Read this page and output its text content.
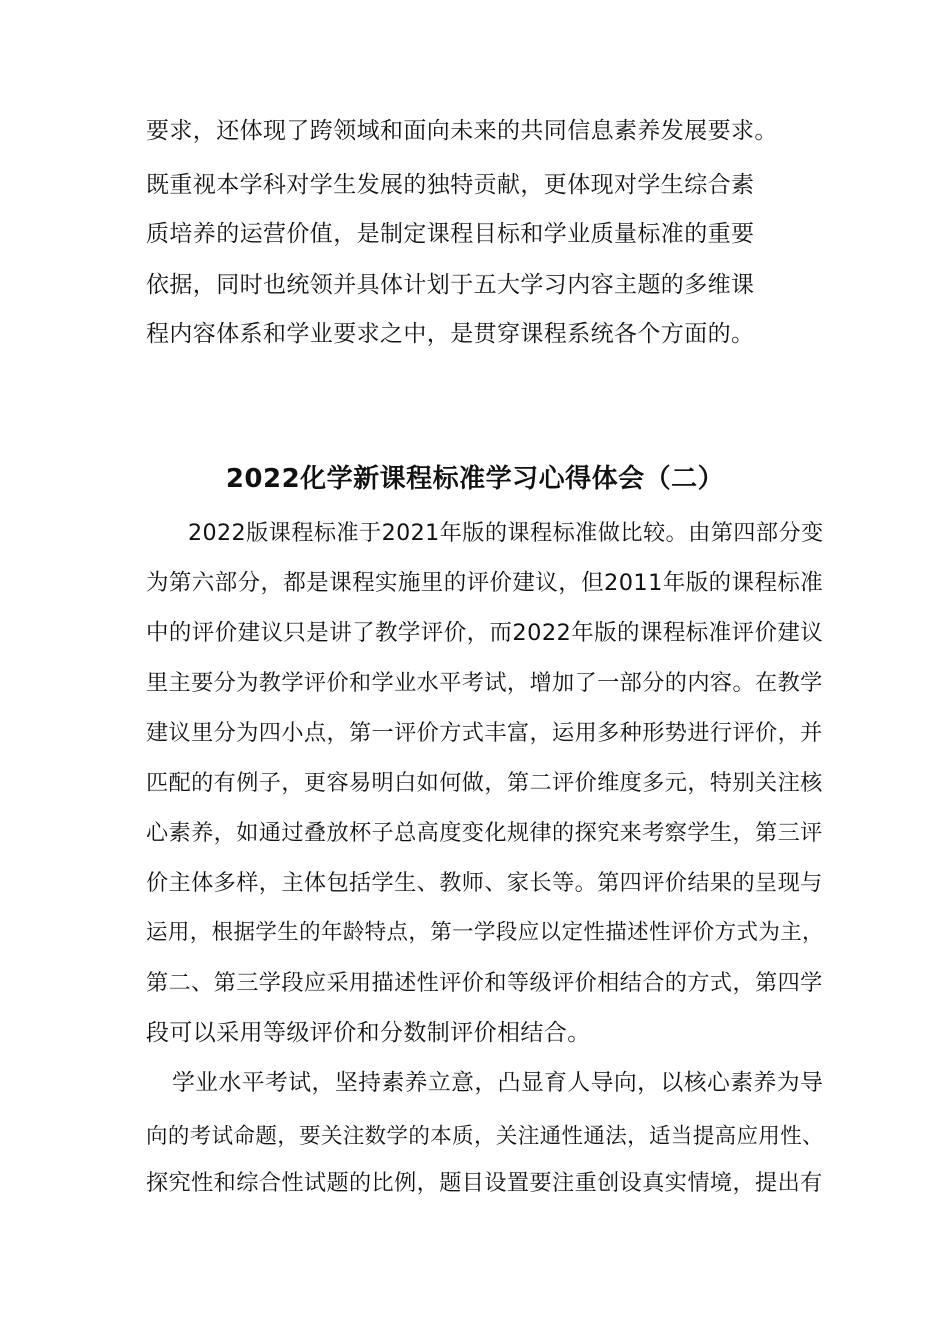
要求，还体现了跨领域和面向未来的共同信息素养发展要求。
既重视本学科对学生发展的独特贡献，更体现对学生综合素
质培养的运营价值，是制定课程目标和学业质量标准的重要
依据，同时也统领并具体计划于五大学习内容主题的多维课
程内容体系和学业要求之中，是贯穿课程系统各个方面的。
2022化学新课程标准学习心得体会（二）
2022版课程标准于2021年版的课程标准做比较。由第四部分变
为第六部分，都是课程实施里的评价建议，但2011年版的课程标准
中的评价建议只是讲了教学评价，而2022年版的课程标准评价建议
里主要分为教学评价和学业水平考试，增加了一部分的内容。在教学
建议里分为四小点，第一评价方式丰富，运用多种形势进行评价，并
匹配的有例子，更容易明白如何做，第二评价维度多元，特别关注核
心素养，如通过叠放杯子总高度变化规律的探究来考察学生，第三评
价主体多样，主体包括学生、教师、家长等。第四评价结果的呈现与
运用，根据学生的年龄特点，第一学段应以定性描述性评价方式为主，
第二、第三学段应采用描述性评价和等级评价相结合的方式，第四学
段可以采用等级评价和分数制评价相结合。
学业水平考试，坚持素养立意，凸显育人导向，以核心素养为导
向的考试命题，要关注数学的本质，关注通性通法，适当提高应用性、
探究性和综合性试题的比例，题目设置要注重创设真实情境，提出有
